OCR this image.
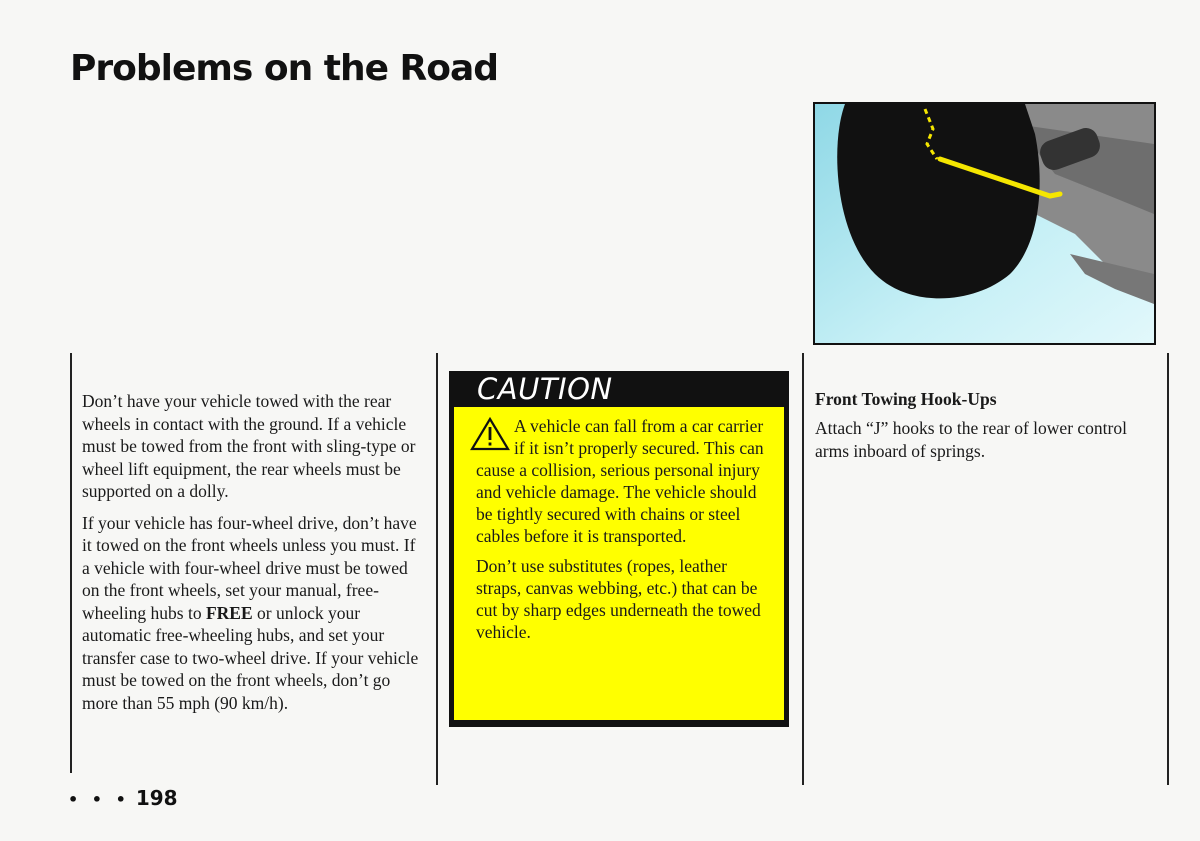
Problems on the Road

Don’t have your vehicle towed with the rear wheels in contact with the ground. If a vehicle must be towed from the front with sling-type or wheel lift equipment, the rear wheels must be supported on a dolly.

If your vehicle has four-wheel drive, don’t have it towed on the front wheels unless you must. If a vehicle with four-wheel drive must be towed on the front wheels, set your manual, free-wheeling hubs to FREE or unlock your automatic free-wheeling hubs, and set your transfer case to two-wheel drive. If your vehicle must be towed on the front wheels, don’t go more than 55 mph (90 km/h).

CAUTION

A vehicle can fall from a car carrier if it isn’t properly secured. This can cause a collision, serious personal injury and vehicle damage. The vehicle should be tightly secured with chains or steel cables before it is transported.

Don’t use substitutes (ropes, leather straps, canvas webbing, etc.) that can be cut by sharp edges underneath the towed vehicle.

Front Towing Hook-Ups

Attach “J” hooks to the rear of lower control arms inboard of springs.

• • • 198
